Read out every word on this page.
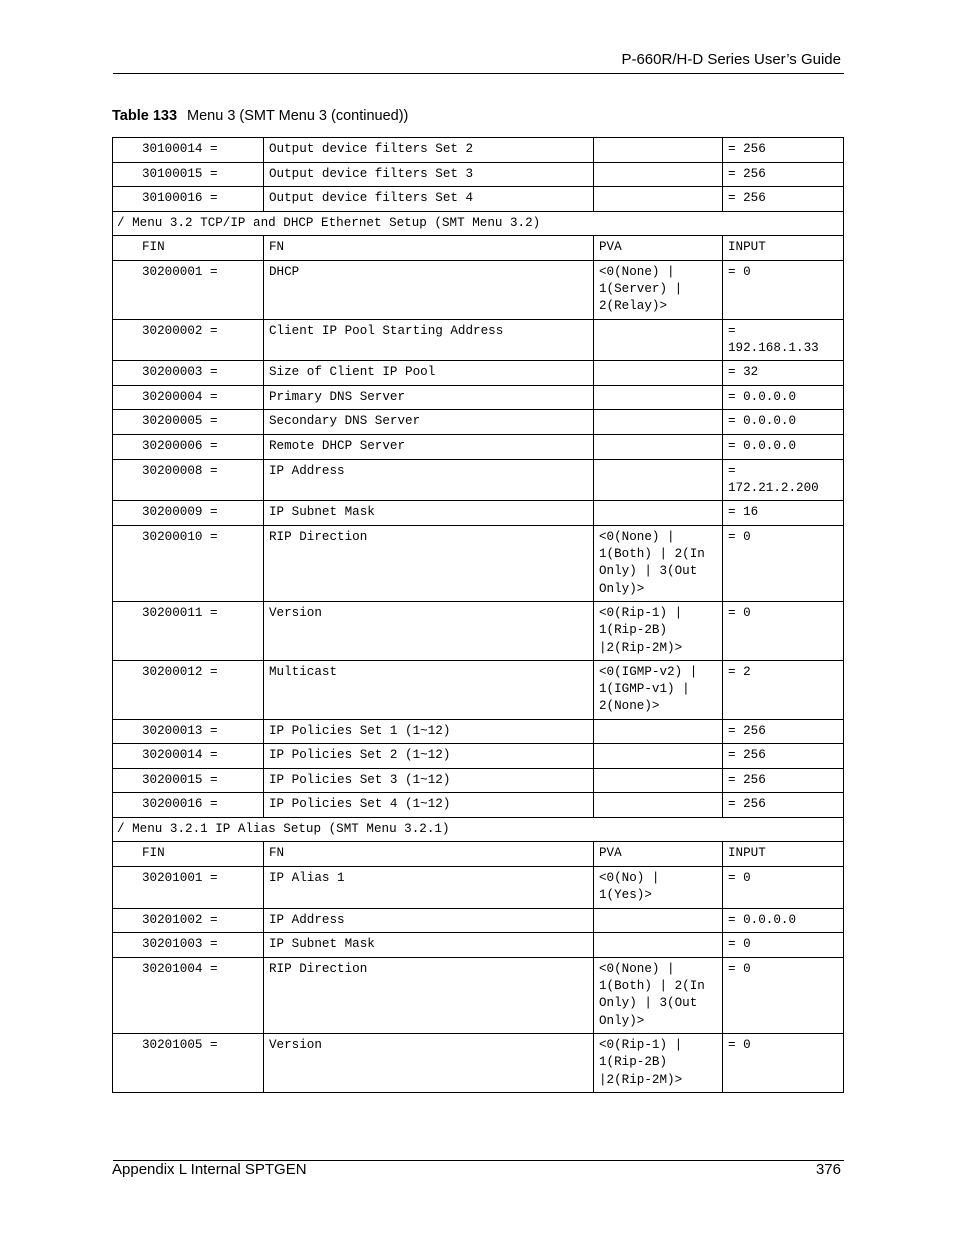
P-660R/H-D Series User’s Guide
Table 133 Menu 3 (SMT Menu 3 (continued))
30100014 =	Output device filters Set 2		= 256
30100015 =	Output device filters Set 3		= 256
30100016 =	Output device filters Set 4		= 256
/ Menu 3.2 TCP/IP and DHCP Ethernet Setup (SMT Menu 3.2)			
FIN	FN	PVA	INPUT
30200001 =	DHCP	<0(None) |
1(Server) |
2(Relay)>	= 0
30200002 =	Client IP Pool Starting Address		=
192.168.1.33
30200003 =	Size of Client IP Pool		= 32
30200004 =	Primary DNS Server		= 0.0.0.0
30200005 =	Secondary DNS Server		= 0.0.0.0
30200006 =	Remote DHCP Server		= 0.0.0.0
30200008 =	IP Address		=
172.21.2.200
30200009 =	IP Subnet Mask		= 16
30200010 =	RIP Direction	<0(None) |
1(Both) | 2(In
Only) | 3(Out
Only)>	= 0
30200011 =	Version	<0(Rip-1) |
1(Rip-2B)
|2(Rip-2M)>	= 0
30200012 =	Multicast	<0(IGMP-v2) |
1(IGMP-v1) |
2(None)>	= 2
30200013 =	IP Policies Set 1 (1~12)		= 256
30200014 =	IP Policies Set 2 (1~12)		= 256
30200015 =	IP Policies Set 3 (1~12)		= 256
30200016 =	IP Policies Set 4 (1~12)		= 256
/ Menu 3.2.1 IP Alias Setup (SMT Menu 3.2.1)			
FIN	FN	PVA	INPUT
30201001 =	IP Alias 1	<0(No) |
1(Yes)>	= 0
30201002 =	IP Address		= 0.0.0.0
30201003 =	IP Subnet Mask		= 0
30201004 =	RIP Direction	<0(None) |
1(Both) | 2(In
Only) | 3(Out
Only)>	= 0
30201005 =	Version	<0(Rip-1) |
1(Rip-2B)
|2(Rip-2M)>	= 0
Appendix L Internal SPTGEN	376
